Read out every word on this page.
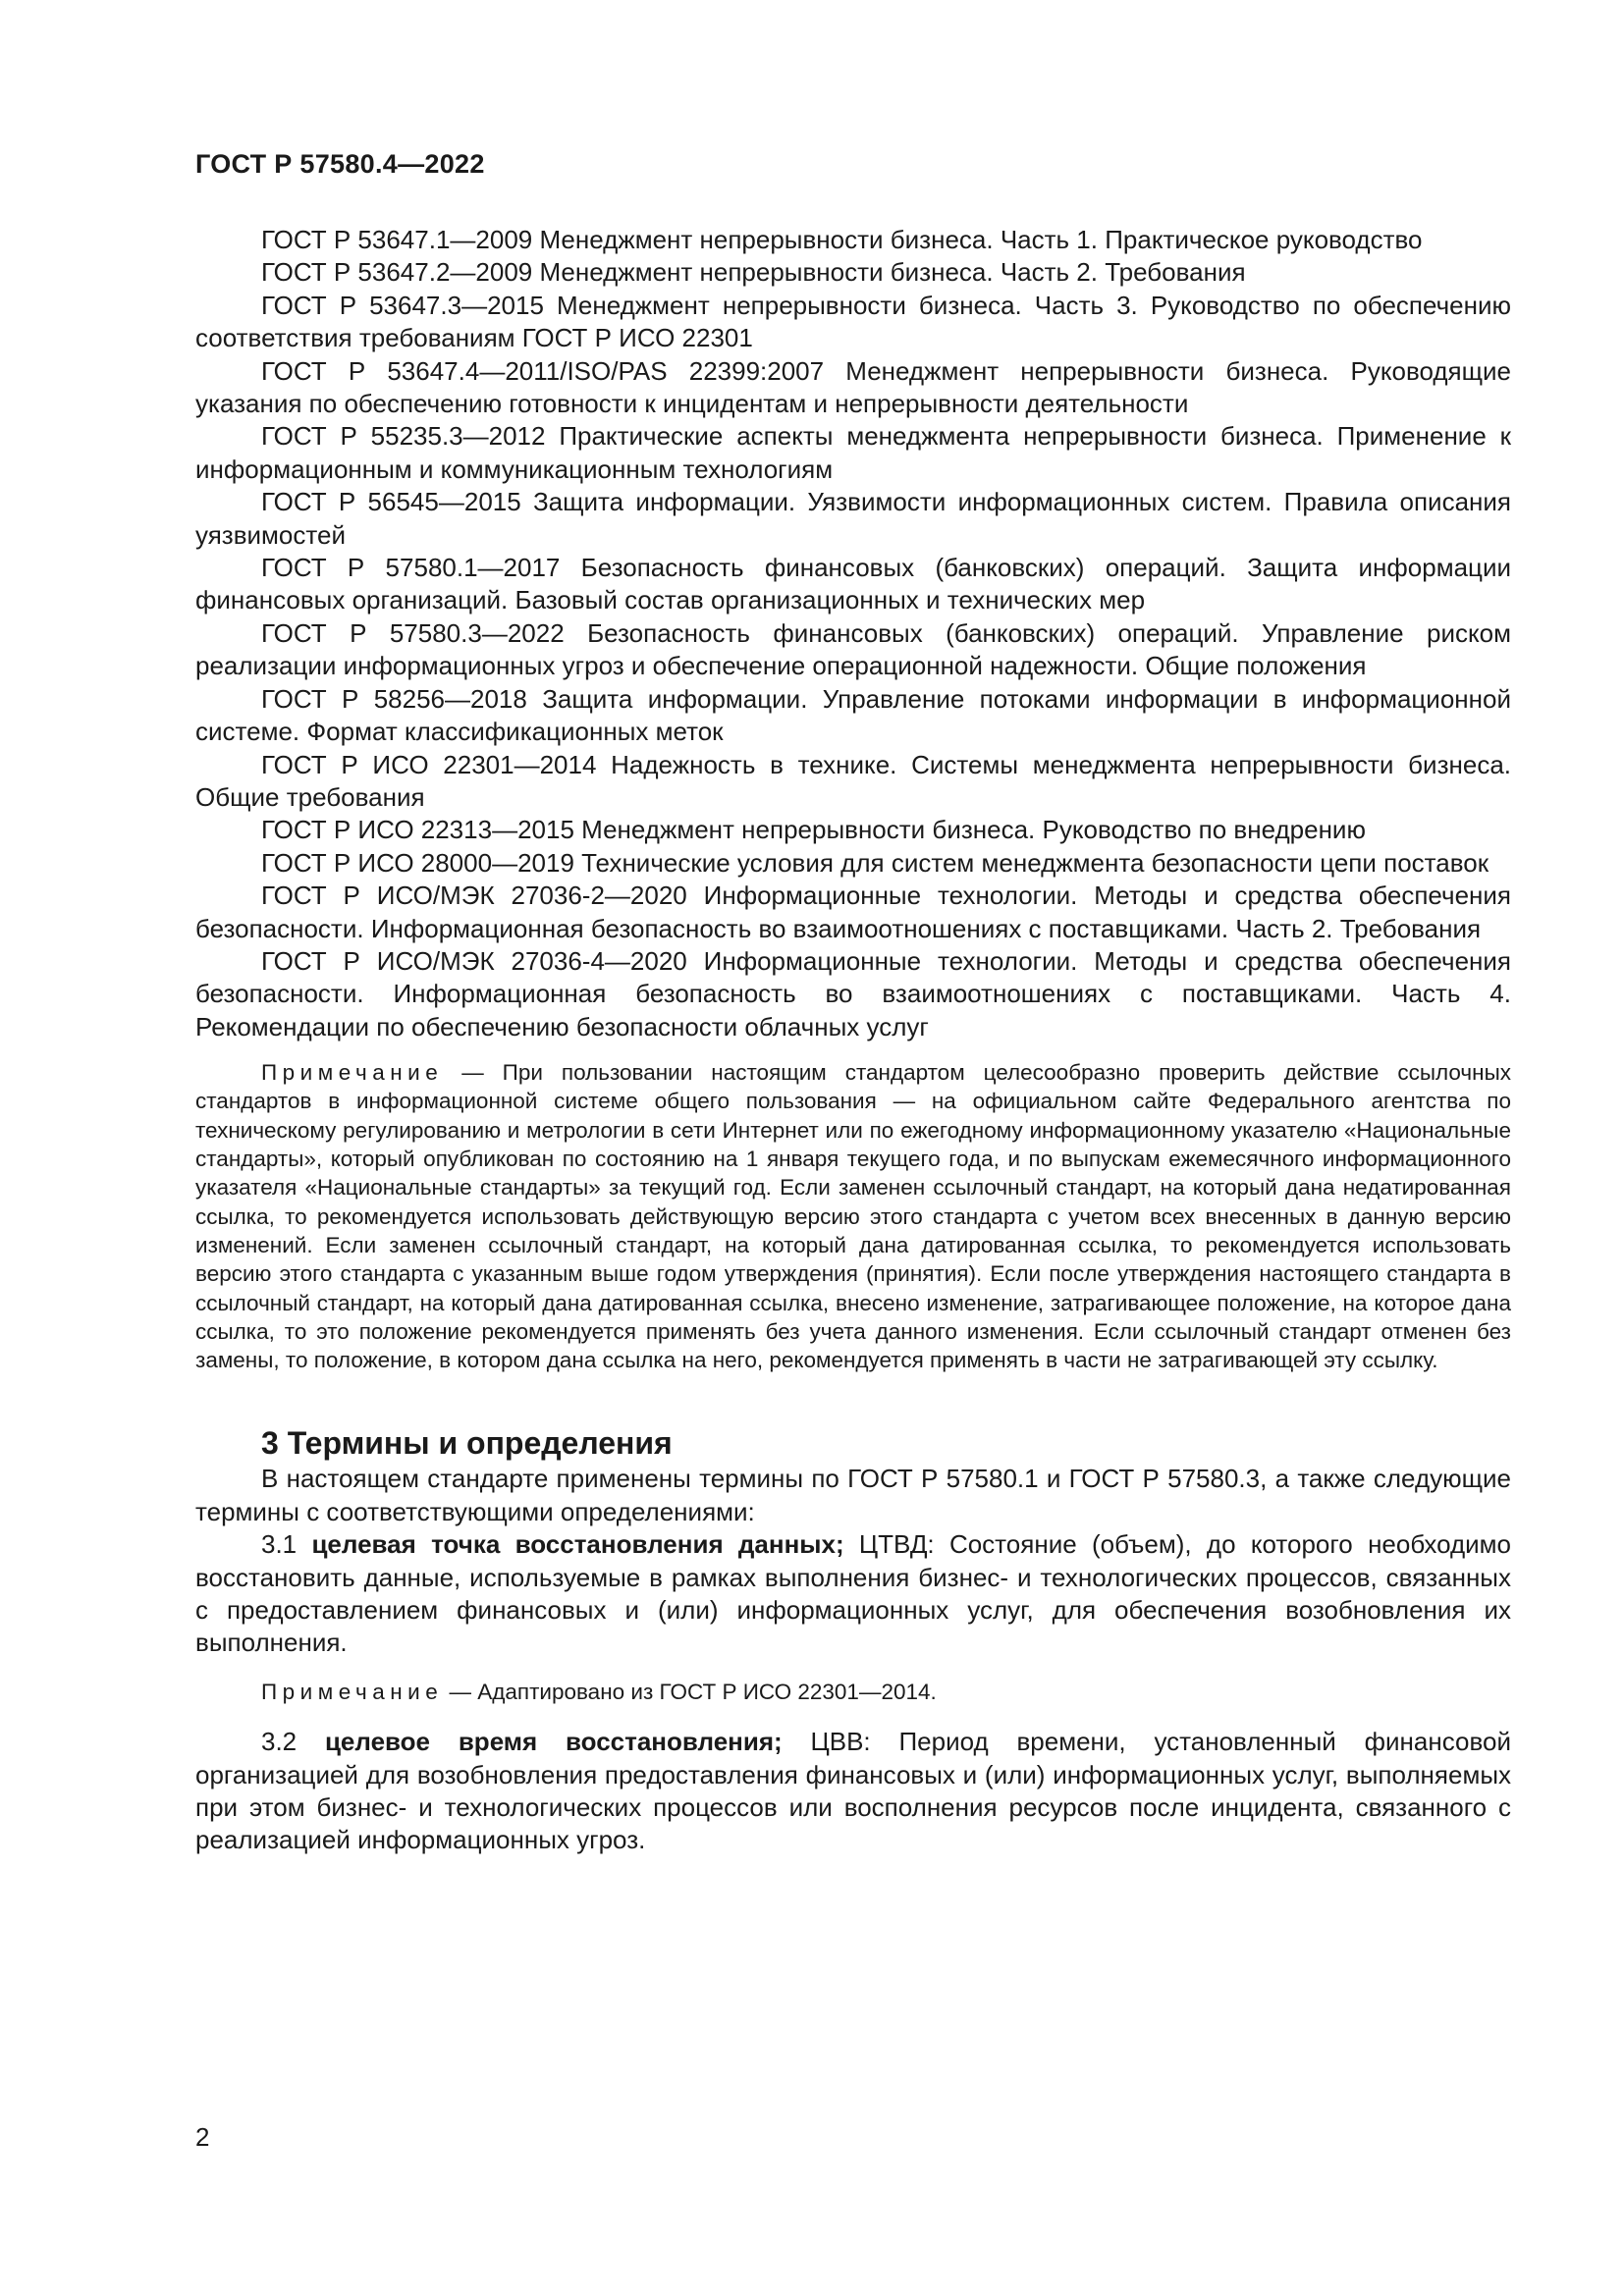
ГОСТ Р 57580.4—2022

ГОСТ Р 53647.1—2009 Менеджмент непрерывности бизнеса. Часть 1. Практическое руководство

ГОСТ Р 53647.2—2009 Менеджмент непрерывности бизнеса. Часть 2. Требования

ГОСТ Р 53647.3—2015 Менеджмент непрерывности бизнеса. Часть 3. Руководство по обеспечению соответствия требованиям ГОСТ Р ИСО 22301

ГОСТ Р 53647.4—2011/ISO/PAS 22399:2007 Менеджмент непрерывности бизнеса. Руководящие указания по обеспечению готовности к инцидентам и непрерывности деятельности

ГОСТ Р 55235.3—2012 Практические аспекты менеджмента непрерывности бизнеса. Применение к информационным и коммуникационным технологиям

ГОСТ Р 56545—2015 Защита информации. Уязвимости информационных систем. Правила описания уязвимостей

ГОСТ Р 57580.1—2017 Безопасность финансовых (банковских) операций. Защита информации финансовых организаций. Базовый состав организационных и технических мер

ГОСТ Р 57580.3—2022 Безопасность финансовых (банковских) операций. Управление риском реализации информационных угроз и обеспечение операционной надежности. Общие положения

ГОСТ Р 58256—2018 Защита информации. Управление потоками информации в информационной системе. Формат классификационных меток

ГОСТ Р ИСО 22301—2014 Надежность в технике. Системы менеджмента непрерывности бизнеса. Общие требования

ГОСТ Р ИСО 22313—2015 Менеджмент непрерывности бизнеса. Руководство по внедрению

ГОСТ Р ИСО 28000—2019 Технические условия для систем менеджмента безопасности цепи поставок

ГОСТ Р ИСО/МЭК 27036-2—2020 Информационные технологии. Методы и средства обеспечения безопасности. Информационная безопасность во взаимоотношениях с поставщиками. Часть 2. Требования

ГОСТ Р ИСО/МЭК 27036-4—2020 Информационные технологии. Методы и средства обеспечения безопасности. Информационная безопасность во взаимоотношениях с поставщиками. Часть 4. Рекомендации по обеспечению безопасности облачных услуг

Примечание — При пользовании настоящим стандартом целесообразно проверить действие ссылочных стандартов в информационной системе общего пользования — на официальном сайте Федерального агентства по техническому регулированию и метрологии в сети Интернет или по ежегодному информационному указателю «Национальные стандарты», который опубликован по состоянию на 1 января текущего года, и по выпускам ежемесячного информационного указателя «Национальные стандарты» за текущий год. Если заменен ссылочный стандарт, на который дана недатированная ссылка, то рекомендуется использовать действующую версию этого стандарта с учетом всех внесенных в данную версию изменений. Если заменен ссылочный стандарт, на который дана датированная ссылка, то рекомендуется использовать версию этого стандарта с указанным выше годом утверждения (принятия). Если после утверждения настоящего стандарта в ссылочный стандарт, на который дана датированная ссылка, внесено изменение, затрагивающее положение, на которое дана ссылка, то это положение рекомендуется применять без учета данного изменения. Если ссылочный стандарт отменен без замены, то положение, в котором дана ссылка на него, рекомендуется применять в части не затрагивающей эту ссылку.

3 Термины и определения

В настоящем стандарте применены термины по ГОСТ Р 57580.1 и ГОСТ Р 57580.3, а также следующие термины с соответствующими определениями:

3.1 целевая точка восстановления данных; ЦТВД: Состояние (объем), до которого необходимо восстановить данные, используемые в рамках выполнения бизнес- и технологических процессов, связанных с предоставлением финансовых и (или) информационных услуг, для обеспечения возобновления их выполнения.

Примечание — Адаптировано из ГОСТ Р ИСО 22301—2014.

3.2 целевое время восстановления; ЦВВ: Период времени, установленный финансовой организацией для возобновления предоставления финансовых и (или) информационных услуг, выполняемых при этом бизнес- и технологических процессов или восполнения ресурсов после инцидента, связанного с реализацией информационных угроз.

2
